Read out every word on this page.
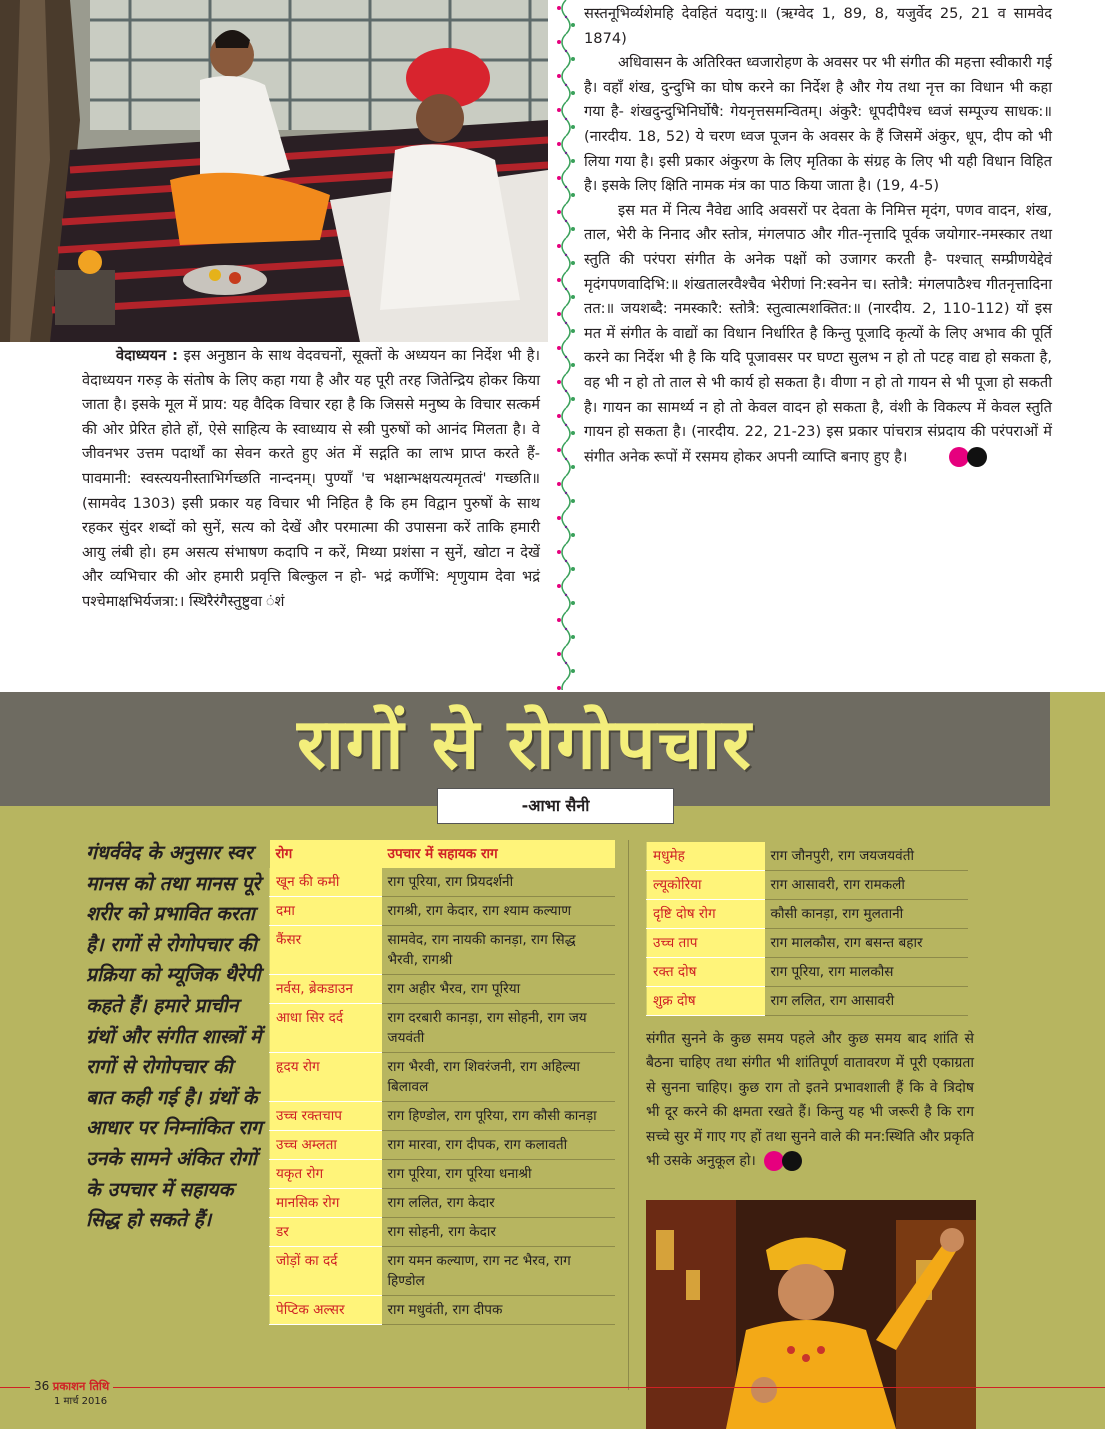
वेदाध्ययन : इस अनुष्ठान के साथ वेदवचनों, सूक्तों के अध्ययन का निर्देश भी है। वेदाध्ययन गरुड़ के संतोष के लिए कहा गया है और यह पूरी तरह जितेन्द्रिय होकर किया जाता है। इसके मूल में प्राय: यह वैदिक विचार रहा है कि जिससे मनुष्य के विचार सत्कर्म की ओर प्रेरित होते हों, ऐसे साहित्य के स्वाध्याय से स्त्री पुरुषों को आनंद मिलता है। वे जीवनभर उत्तम पदार्थों का सेवन करते हुए अंत में सद्गति का लाभ प्राप्त करते हैं- पावमानी: स्वस्त्ययनीस्ताभिर्गच्छति नान्दनम्। पुण्यॉं 'च भक्षान्भक्षयत्यमृतत्वं' गच्छति॥ (सामवेद 1303) इसी प्रकार यह विचार भी निहित है कि हम विद्वान पुरुषों के साथ रहकर सुंदर शब्दों को सुनें, सत्य को देखें और परमात्मा की उपासना करें ताकि हमारी आयु लंबी हो। हम असत्य संभाषण कदापि न करें, मिथ्या प्रशंसा न सुनें, खोटा न देखें और व्यभिचार की ओर हमारी प्रवृत्ति बिल्कुल न हो- भद्रं कर्णेभि: शृणुयाम देवा भद्रं पश्चेमाक्षभिर्यजत्रा:। स्थिरैरंगैस्तुष्टुवा ंशं

सस्तनूभिर्व्यशेमहि देवहितं यदायु:॥ (ऋग्वेद 1, 89, 8, यजुर्वेद 25, 21 व सामवेद 1874)

अधिवासन के अतिरिक्त ध्वजारोहण के अवसर पर भी संगीत की महत्ता स्वीकारी गई है। वहाँ शंख, दुन्दुभि का घोष करने का निर्देश है और गेय तथा नृत्त का विधान भी कहा गया है- शंखदुन्दुभिनिर्घोषै: गेयनृत्तसमन्वितम्। अंकुरै: धूपदीपैश्च ध्वजं सम्पूज्य साधक:॥ (नारदीय. 18, 52) ये चरण ध्वज पूजन के अवसर के हैं जिसमें अंकुर, धूप, दीप को भी लिया गया है। इसी प्रकार अंकुरण के लिए मृतिका के संग्रह के लिए भी यही विधान विहित है। इसके लिए क्षिति नामक मंत्र का पाठ किया जाता है। (19, 4-5)

इस मत में नित्य नैवेद्य आदि अवसरों पर देवता के निमित्त मृदंग, पणव वादन, शंख, ताल, भेरी के निनाद और स्तोत्र, मंगलपाठ और गीत-नृत्तादि पूर्वक जयोगार-नमस्कार तथा स्तुति की परंपरा संगीत के अनेक पक्षों को उजागर करती है- पश्चात् सम्प्रीणयेद्देवं मृदंगपणवादिभि:॥ शंखतालरवैश्चैव भेरीणां नि:स्वनेन च। स्तोत्रै: मंगलपाठैश्च गीतनृत्तादिना तत:॥ जयशब्दै: नमस्कारै: स्तोत्रै: स्तुत्वात्मशक्तित:॥ (नारदीय. 2, 110-112) यों इस मत में संगीत के वाद्यों का विधान निर्धारित है किन्तु पूजादि कृत्यों के लिए अभाव की पूर्ति करने का निर्देश भी है कि यदि पूजावसर पर घण्टा सुलभ न हो तो पटह वाद्य हो सकता है, वह भी न हो तो ताल से भी कार्य हो सकता है। वीणा न हो तो गायन से भी पूजा हो सकती है। गायन का सामर्थ्य न हो तो केवल वादन हो सकता है, वंशी के विकल्प में केवल स्तुति गायन हो सकता है। (नारदीय. 22, 21-23) इस प्रकार पांचरात्र संप्रदाय की परंपराओं में संगीत अनेक रूपों में रसमय होकर अपनी व्याप्ति बनाए हुए है।

रागों से रोगोपचार
-आभा सैनी
गंधर्ववेद के अनुसार स्वर मानस को तथा मानस पूरे शरीर को प्रभावित करता है। रागों से रोगोपचार की प्रक्रिया को म्यूजिक थैरेपी कहते हैं। हमारे प्राचीन ग्रंथों और संगीत शास्त्रों में रागों से रोगोपचार की बात कही गई है। ग्रंथों के आधार पर निम्नांकित राग उनके सामने अंकित रोगों के उपचार में सहायक सिद्ध हो सकते हैं।
रोग	उपचार में सहायक राग
खून की कमी	राग पूरिया, राग प्रियदर्शनी
दमा	रागश्री, राग केदार, राग श्याम कल्याण
कैंसर	सामवेद, राग नायकी कानड़ा, राग सिद्ध भैरवी, रागश्री
नर्वस, ब्रेकडाउन	राग अहीर भैरव, राग पूरिया
आधा सिर दर्द	राग दरबारी कानड़ा, राग सोहनी, राग जय जयवंती
हृदय रोग	राग भैरवी, राग शिवरंजनी, राग अहिल्या बिलावल
उच्च रक्तचाप	राग हिण्डोल, राग पूरिया, राग कौसी कानड़ा
उच्च अम्लता	राग मारवा, राग दीपक, राग कलावती
यकृत रोग	राग पूरिया, राग पूरिया धनाश्री
मानसिक रोग	राग ललित, राग केदार
डर	राग सोहनी, राग केदार
जोड़ों का दर्द	राग यमन कल्याण, राग नट भैरव, राग हिण्डोल
पेप्टिक अल्सर	राग मधुवंती, राग दीपक
मधुमेह	राग जौनपुरी, राग जयजयवंती
ल्यूकोरिया	राग आसावरी, राग रामकली
दृष्टि दोष रोग	कौसी कानड़ा, राग मुलतानी
उच्च ताप	राग मालकौस, राग बसन्त बहार
रक्त दोष	राग पूरिया, राग मालकौस
शुक्र दोष	राग ललित, राग आसावरी
संगीत सुनने के कुछ समय पहले और कुछ समय बाद शांति से बैठना चाहिए तथा संगीत भी शांतिपूर्ण वातावरण में पूरी एकाग्रता से सुनना चाहिए। कुछ राग तो इतने प्रभावशाली हैं कि वे त्रिदोष भी दूर करने की क्षमता रखते हैं। किन्तु यह भी जरूरी है कि राग सच्चे सुर में गाए गए हों तथा सुनने वाले की मन:स्थिति और प्रकृति भी उसके अनुकूल हो।
36 प्रकाशन तिथि
1 मार्च 2016
